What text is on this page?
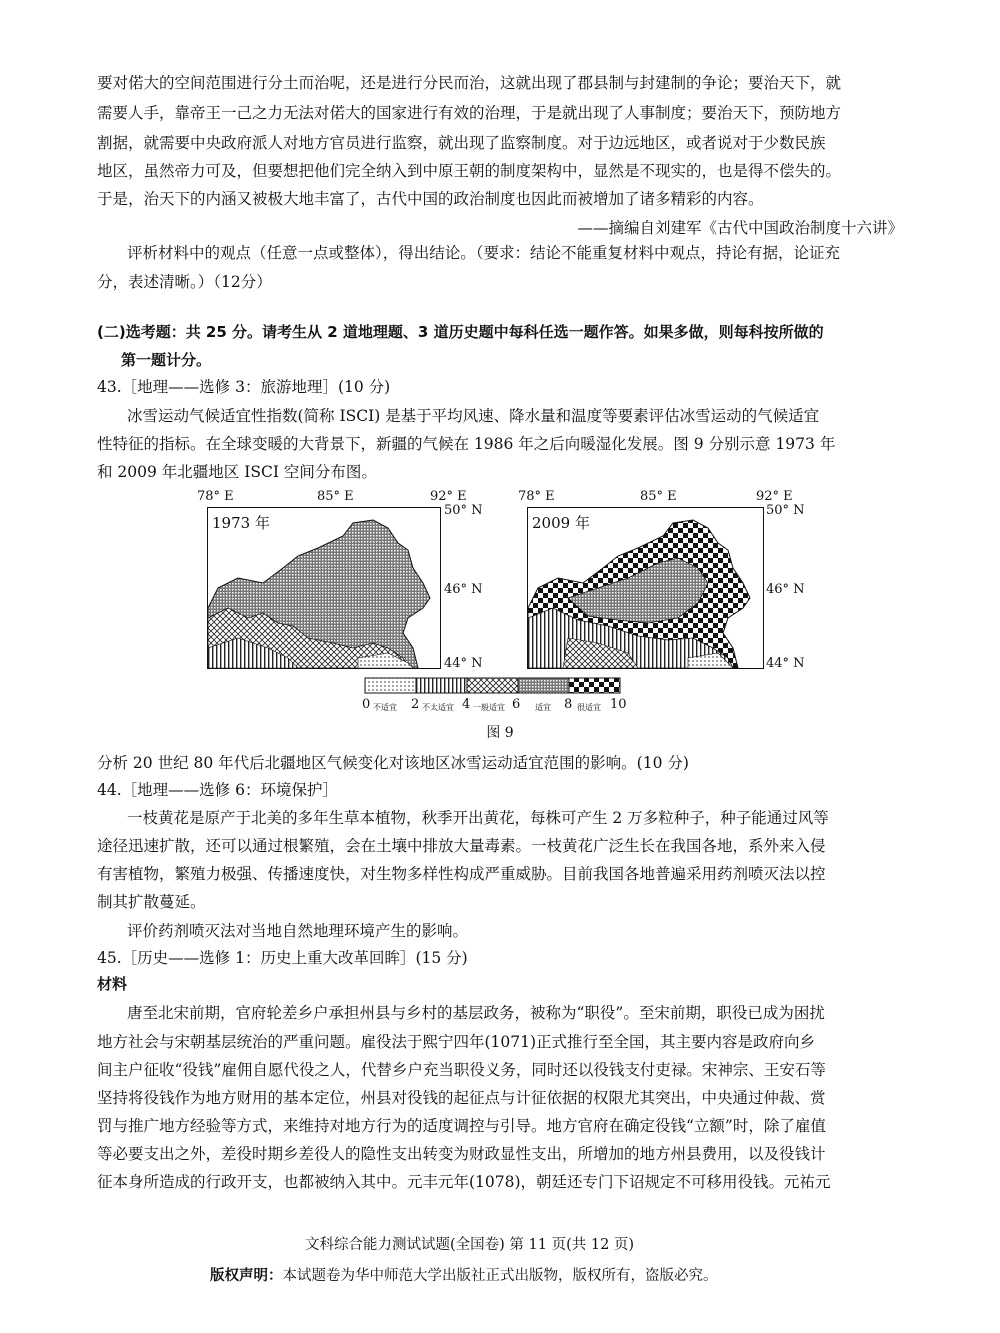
要对偌大的空间范围进行分土而治呢，还是进行分民而治，这就出现了郡县制与封建制的争论；要治天下，就
需要人手，靠帝王一己之力无法对偌大的国家进行有效的治理，于是就出现了人事制度；要治天下，预防地方
割据，就需要中央政府派人对地方官员进行监察，就出现了监察制度。对于边远地区，或者说对于少数民族
地区，虽然帝力可及，但要想把他们完全纳入到中原王朝的制度架构中，显然是不现实的，也是得不偿失的。
于是，治天下的内涵又被极大地丰富了，古代中国的政治制度也因此而被增加了诸多精彩的内容。
——摘编自刘建军《古代中国政治制度十六讲》
评析材料中的观点（任意一点或整体），得出结论。（要求：结论不能重复材料中观点，持论有据，论证充
分，表述清晰。）（12分）
(二)选考题：共 25 分。请考生从 2 道地理题、3 道历史题中每科任选一题作答。如果多做，则每科按所做的
第一题计分。
43.［地理——选修 3：旅游地理］(10 分)
冰雪运动气候适宜性指数(简称 ISCI) 是基于平均风速、降水量和温度等要素评估冰雪运动的气候适宜
性特征的指标。在全球变暖的大背景下，新疆的气候在 1986 年之后向暖湿化发展。图 9 分别示意 1973 年
和 2009 年北疆地区 ISCI 空间分布图。
78° E	85° E	92° E	78° E	85° E	92° E
1973 年
50° N
46° N
44° N
2009 年
50° N
46° N
44° N
0 不适宜 2 不太适宜 4 一般适宜 6 适宜 8 很适宜 10
图 9
分析 20 世纪 80 年代后北疆地区气候变化对该地区冰雪运动适宜范围的影响。(10 分)
44.［地理——选修 6：环境保护］
一枝黄花是原产于北美的多年生草本植物，秋季开出黄花，每株可产生 2 万多粒种子，种子能通过风等
途径迅速扩散，还可以通过根繁殖，会在土壤中排放大量毒素。一枝黄花广泛生长在我国各地，系外来入侵
有害植物，繁殖力极强、传播速度快，对生物多样性构成严重威胁。目前我国各地普遍采用药剂喷灭法以控
制其扩散蔓延。
评价药剂喷灭法对当地自然地理环境产生的影响。
45.［历史——选修 1：历史上重大改革回眸］(15 分)
材料
唐至北宋前期，官府轮差乡户承担州县与乡村的基层政务，被称为“职役”。至宋前期，职役已成为困扰
地方社会与宋朝基层统治的严重问题。雇役法于熙宁四年(1071)正式推行至全国，其主要内容是政府向乡
间主户征收“役钱”雇佣自愿代役之人，代替乡户充当职役义务，同时还以役钱支付吏禄。宋神宗、王安石等
坚持将役钱作为地方财用的基本定位，州县对役钱的起征点与计征依据的权限尤其突出，中央通过仲裁、赏
罚与推广地方经验等方式，来维持对地方行为的适度调控与引导。地方官府在确定役钱“立额”时，除了雇值
等必要支出之外，差役时期乡差役人的隐性支出转变为财政显性支出，所增加的地方州县费用，以及役钱计
征本身所造成的行政开支，也都被纳入其中。元丰元年(1078)，朝廷还专门下诏规定不可移用役钱。元祐元
文科综合能力测试试题(全国卷) 第 11 页(共 12 页)
版权声明：本试题卷为华中师范大学出版社正式出版物，版权所有，盗版必究。
